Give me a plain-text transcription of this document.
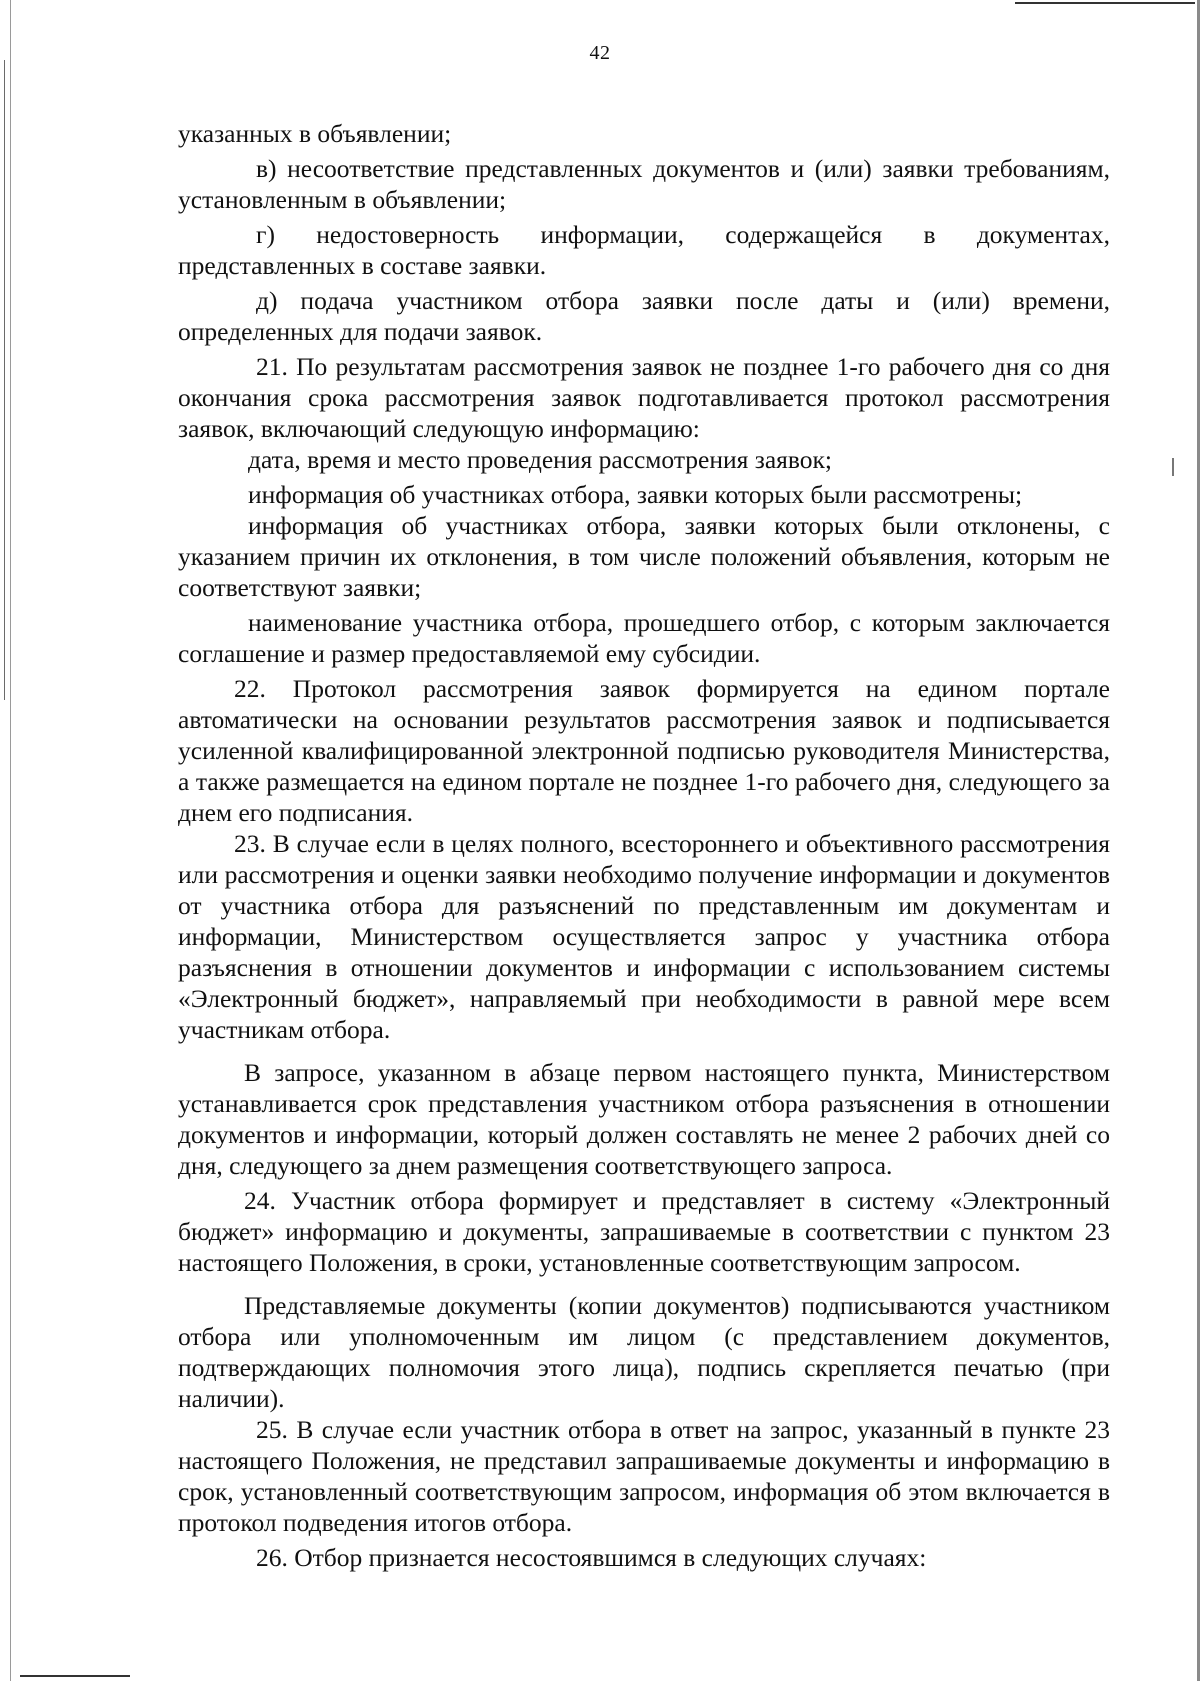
42

указанных в объявлении;

в) несоответствие представленных документов и (или) заявки требованиям, установленным в объявлении;

г) недостоверность информации, содержащейся в документах, представленных в составе заявки.

д) подача участником отбора заявки после даты и (или) времени, определенных для подачи заявок.

21. По результатам рассмотрения заявок не позднее 1-го рабочего дня со дня окончания срока рассмотрения заявок подготавливается протокол рассмотрения заявок, включающий следующую информацию:

дата, время и место проведения рассмотрения заявок;

информация об участниках отбора, заявки которых были рассмотрены;

информация об участниках отбора, заявки которых были отклонены, с указанием причин их отклонения, в том числе положений объявления, которым не соответствуют заявки;

наименование участника отбора, прошедшего отбор, с которым заключается соглашение и размер предоставляемой ему субсидии.

22. Протокол рассмотрения заявок формируется на едином портале автоматически на основании результатов рассмотрения заявок и подписывается усиленной квалифицированной электронной подписью руководителя Министерства, а также размещается на едином портале не позднее 1-го рабочего дня, следующего за днем его подписания.

23. В случае если в целях полного, всестороннего и объективного рассмотрения или рассмотрения и оценки заявки необходимо получение информации и документов от участника отбора для разъяснений по представленным им документам и информации, Министерством осуществляется запрос у участника отбора разъяснения в отношении документов и информации с использованием системы «Электронный бюджет», направляемый при необходимости в равной мере всем участникам отбора.

В запросе, указанном в абзаце первом настоящего пункта, Министерством устанавливается срок представления участником отбора разъяснения в отношении документов и информации, который должен составлять не менее 2 рабочих дней со дня, следующего за днем размещения соответствующего запроса.

24. Участник отбора формирует и представляет в систему «Электронный бюджет» информацию и документы, запрашиваемые в соответствии с пунктом 23 настоящего Положения, в сроки, установленные соответствующим запросом.

Представляемые документы (копии документов) подписываются участником отбора или уполномоченным им лицом (с представлением документов, подтверждающих полномочия этого лица), подпись скрепляется печатью (при наличии).

25. В случае если участник отбора в ответ на запрос, указанный в пункте 23 настоящего Положения, не представил запрашиваемые документы и информацию в срок, установленный соответствующим запросом, информация об этом включается в протокол подведения итогов отбора.

26. Отбор признается несостоявшимся в следующих случаях:
